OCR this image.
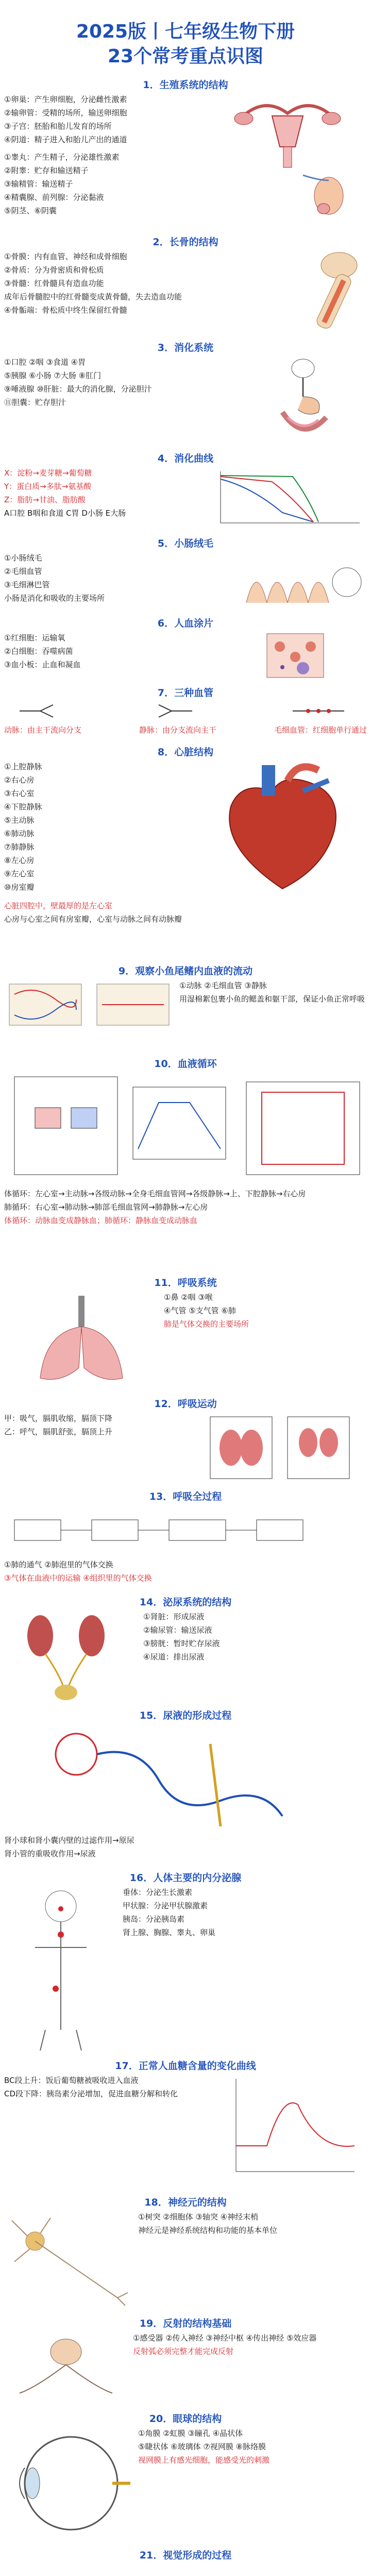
2025版丨七年级生物下册
23个常考重点识图
1．生殖系统的结构
①卵巢：产生卵细胞，分泌雌性激素
②输卵管：受精的场所，输送卵细胞
③子宫：胚胎和胎儿发育的场所
④阴道：精子进入和胎儿产出的通道
①睾丸：产生精子，分泌雄性激素
②附睾：贮存和输送精子
③输精管：输送精子
④精囊腺、前列腺：分泌黏液
⑤阴茎、⑥阴囊
2．长骨的结构
①骨膜：内有血管、神经和成骨细胞
②骨质：分为骨密质和骨松质
③骨髓：红骨髓具有造血功能
成年后骨髓腔中的红骨髓变成黄骨髓，失去造血功能
④骨骺端：骨松质中终生保留红骨髓
3．消化系统
①口腔 ②咽 ③食道 ④胃
⑤胰腺 ⑥小肠 ⑦大肠 ⑧肛门
⑨唾液腺 ⑩肝脏：最大的消化腺，分泌胆汁
⑪胆囊：贮存胆汁
4．消化曲线
X：淀粉→麦芽糖→葡萄糖
Y：蛋白质→多肽→氨基酸
Z：脂肪→甘油、脂肪酸
A口腔 B咽和食道 C胃 D小肠 E大肠
5．小肠绒毛
①小肠绒毛
②毛细血管
③毛细淋巴管
小肠是消化和吸收的主要场所
6．人血涂片
①红细胞：运输氧
②白细胞：吞噬病菌
③血小板：止血和凝血
7．三种血管
动脉：由主干流向分支	静脉：由分支流向主干	毛细血管：红细胞单行通过
8．心脏结构
①上腔静脉
②右心房
③右心室
④下腔静脉
⑤主动脉
⑥肺动脉
⑦肺静脉
⑧左心房
⑨左心室
⑩房室瓣
心脏四腔中，壁最厚的是左心室
心房与心室之间有房室瓣，心室与动脉之间有动脉瓣
9．观察小鱼尾鳍内血液的流动
①动脉 ②毛细血管 ③静脉
用湿棉絮包裹小鱼的鳃盖和躯干部，保证小鱼正常呼吸
10．血液循环
体循环：左心室→主动脉→各级动脉→全身毛细血管网→各级静脉→上、下腔静脉→右心房
肺循环：右心室→肺动脉→肺部毛细血管网→肺静脉→左心房
体循环：动脉血变成静脉血；肺循环：静脉血变成动脉血
11．呼吸系统
①鼻 ②咽 ③喉
④气管 ⑤支气管 ⑥肺
肺是气体交换的主要场所
12．呼吸运动
甲：吸气，膈肌收缩，膈顶下降
乙：呼气，膈肌舒张，膈顶上升
13．呼吸全过程
①肺的通气 ②肺泡里的气体交换
③气体在血液中的运输 ④组织里的气体交换
14．泌尿系统的结构
①肾脏：形成尿液
②输尿管：输送尿液
③膀胱：暂时贮存尿液
④尿道：排出尿液
15．尿液的形成过程
肾小球和肾小囊内壁的过滤作用→原尿
肾小管的重吸收作用→尿液
16．人体主要的内分泌腺
垂体：分泌生长激素
甲状腺：分泌甲状腺激素
胰岛：分泌胰岛素
肾上腺、胸腺、睾丸、卵巢
17．正常人血糖含量的变化曲线
BC段上升：饭后葡萄糖被吸收进入血液
CD段下降：胰岛素分泌增加，促进血糖分解和转化
18．神经元的结构
①树突 ②细胞体 ③轴突 ④神经末梢
神经元是神经系统结构和功能的基本单位
19．反射的结构基础
①感受器 ②传入神经 ③神经中枢 ④传出神经 ⑤效应器
反射弧必须完整才能完成反射
20．眼球的结构
①角膜 ②虹膜 ③瞳孔 ④晶状体
⑤睫状体 ⑥玻璃体 ⑦视网膜 ⑧脉络膜
视网膜上有感光细胞，能感受光的刺激
21．视觉形成的过程
